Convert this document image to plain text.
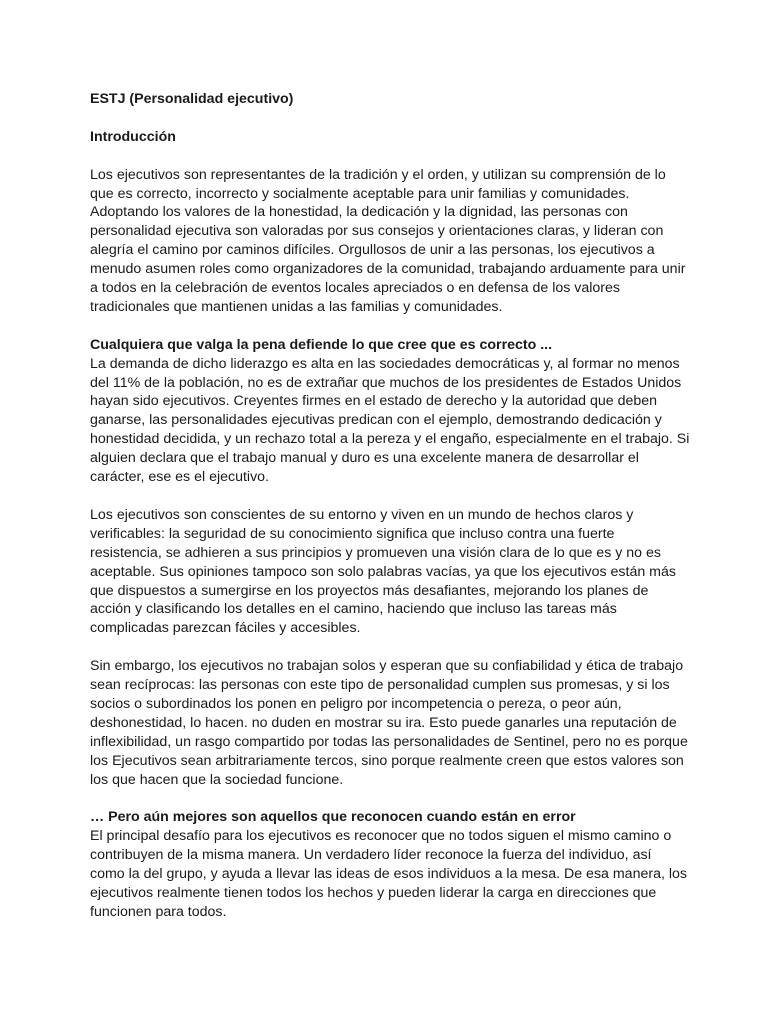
ESTJ (Personalidad ejecutivo)

Introducción

Los ejecutivos son representantes de la tradición y el orden, y utilizan su comprensión de lo que es correcto, incorrecto y socialmente aceptable para unir familias y comunidades. Adoptando los valores de la honestidad, la dedicación y la dignidad, las personas con personalidad ejecutiva son valoradas por sus consejos y orientaciones claras, y lideran con alegría el camino por caminos difíciles. Orgullosos de unir a las personas, los ejecutivos a menudo asumen roles como organizadores de la comunidad, trabajando arduamente para unir a todos en la celebración de eventos locales apreciados o en defensa de los valores tradicionales que mantienen unidas a las familias y comunidades.

Cualquiera que valga la pena defiende lo que cree que es correcto ...

La demanda de dicho liderazgo es alta en las sociedades democráticas y, al formar no menos del 11% de la población, no es de extrañar que muchos de los presidentes de Estados Unidos hayan sido ejecutivos. Creyentes firmes en el estado de derecho y la autoridad que deben ganarse, las personalidades ejecutivas predican con el ejemplo, demostrando dedicación y honestidad decidida, y un rechazo total a la pereza y el engaño, especialmente en el trabajo. Si alguien declara que el trabajo manual y duro es una excelente manera de desarrollar el carácter, ese es el ejecutivo.

Los ejecutivos son conscientes de su entorno y viven en un mundo de hechos claros y verificables: la seguridad de su conocimiento significa que incluso contra una fuerte resistencia, se adhieren a sus principios y promueven una visión clara de lo que es y no es aceptable. Sus opiniones tampoco son solo palabras vacías, ya que los ejecutivos están más que dispuestos a sumergirse en los proyectos más desafiantes, mejorando los planes de acción y clasificando los detalles en el camino, haciendo que incluso las tareas más complicadas parezcan fáciles y accesibles.

Sin embargo, los ejecutivos no trabajan solos y esperan que su confiabilidad y ética de trabajo sean recíprocas: las personas con este tipo de personalidad cumplen sus promesas, y si los socios o subordinados los ponen en peligro por incompetencia o pereza, o peor aún, deshonestidad, lo hacen. no duden en mostrar su ira. Esto puede ganarles una reputación de inflexibilidad, un rasgo compartido por todas las personalidades de Sentinel, pero no es porque los Ejecutivos sean arbitrariamente tercos, sino porque realmente creen que estos valores son los que hacen que la sociedad funcione.

… Pero aún mejores son aquellos que reconocen cuando están en error

El principal desafío para los ejecutivos es reconocer que no todos siguen el mismo camino o contribuyen de la misma manera. Un verdadero líder reconoce la fuerza del individuo, así como la del grupo, y ayuda a llevar las ideas de esos individuos a la mesa. De esa manera, los ejecutivos realmente tienen todos los hechos y pueden liderar la carga en direcciones que funcionen para todos.
